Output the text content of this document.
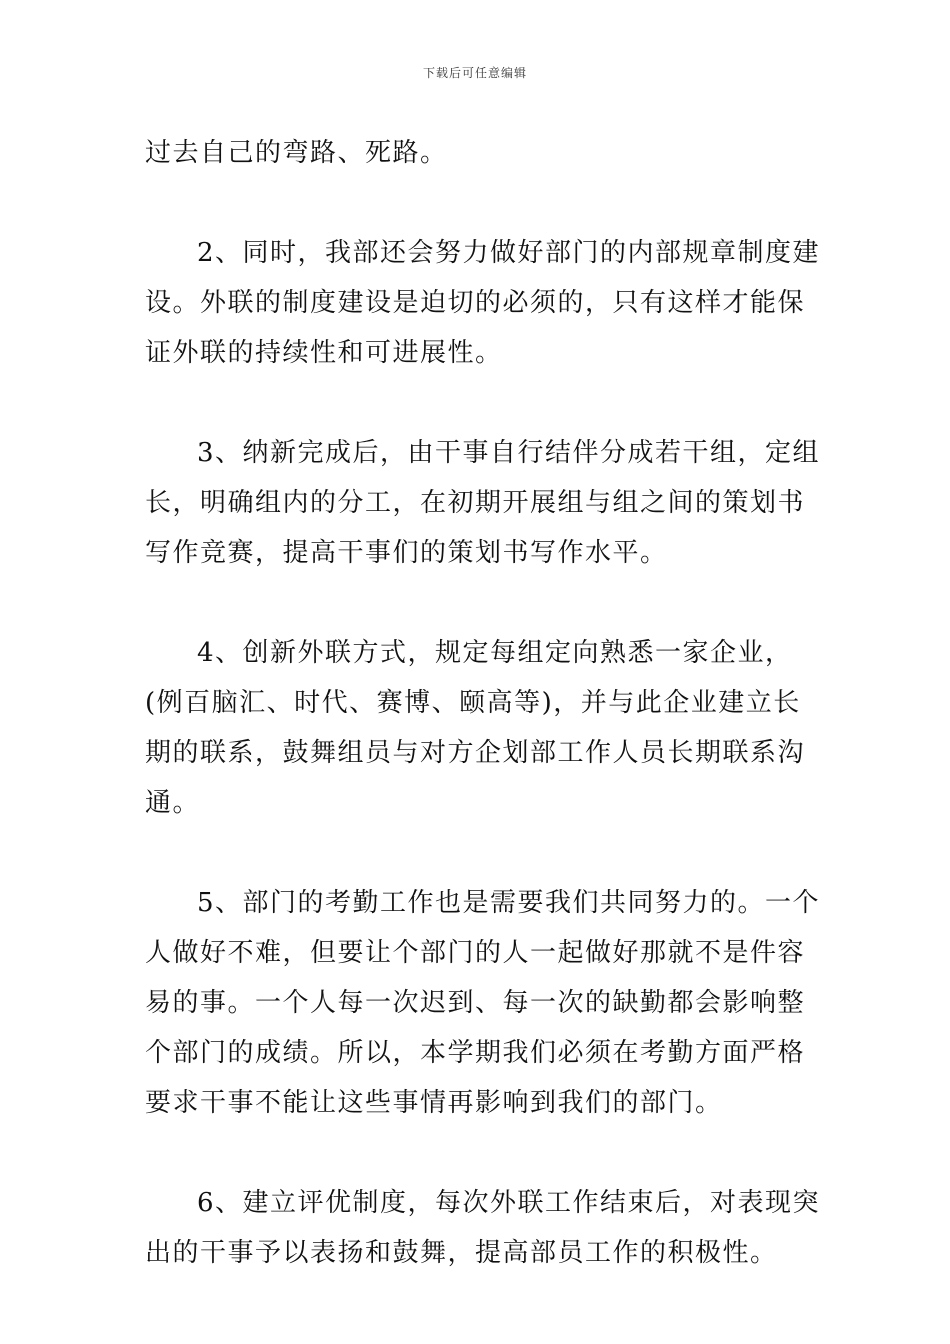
下载后可任意编辑

过去自己的弯路、死路。

2、同时，我部还会努力做好部门的内部规章制度建设。外联的制度建设是迫切的必须的，只有这样才能保证外联的持续性和可进展性。

3、纳新完成后，由干事自行结伴分成若干组，定组长，明确组内的分工，在初期开展组与组之间的策划书写作竞赛，提高干事们的策划书写作水平。

4、创新外联方式，规定每组定向熟悉一家企业，(例百脑汇、时代、赛博、颐高等)，并与此企业建立长期的联系，鼓舞组员与对方企划部工作人员长期联系沟通。

5、部门的考勤工作也是需要我们共同努力的。一个人做好不难，但要让个部门的人一起做好那就不是件容易的事。一个人每一次迟到、每一次的缺勤都会影响整个部门的成绩。所以，本学期我们必须在考勤方面严格要求干事不能让这些事情再影响到我们的部门。

6、建立评优制度，每次外联工作结束后，对表现突出的干事予以表扬和鼓舞，提高部员工作的积极性。
